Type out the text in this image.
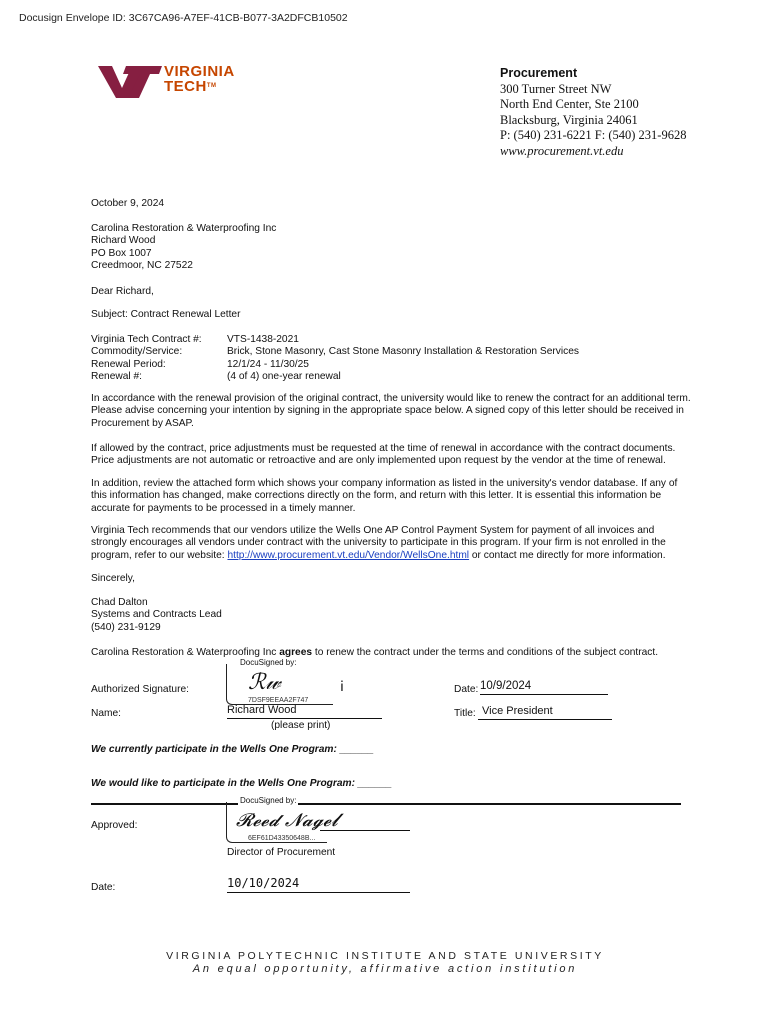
Docusign Envelope ID: 3C67CA96-A7EF-41CB-B077-3A2DFCB10502
VIRGINIA
TECH™
Procurement
300 Turner Street NW
North End Center, Ste 2100
Blacksburg, Virginia 24061
P: (540) 231-6221 F: (540) 231-9628
www.procurement.vt.edu
October 9, 2024
Carolina Restoration & Waterproofing Inc
Richard Wood
PO Box 1007
Creedmoor, NC 27522
Dear Richard,
Subject: Contract Renewal Letter
Virginia Tech Contract #: VTS-1438-2021
Commodity/Service:	Brick, Stone Masonry, Cast Stone Masonry Installation & Restoration Services
Renewal Period:	12/1/24 - 11/30/25
Renewal #:	(4 of 4) one-year renewal
In accordance with the renewal provision of the original contract, the university would like to renew the contract for an additional term. Please advise concerning your intention by signing in the appropriate space below. A signed copy of this letter should be received in Procurement by ASAP.
If allowed by the contract, price adjustments must be requested at the time of renewal in accordance with the contract documents. Price adjustments are not automatic or retroactive and are only implemented upon request by the vendor at the time of renewal.
In addition, review the attached form which shows your company information as listed in the university's vendor database. If any of this information has changed, make corrections directly on the form, and return with this letter. It is essential this information be accurate for payments to be processed in a timely manner.
Virginia Tech recommends that our vendors utilize the Wells One AP Control Payment System for payment of all invoices and strongly encourages all vendors under contract with the university to participate in this program. If your firm is not enrolled in the program, refer to our website: http://www.procurement.vt.edu/Vendor/WellsOne.html or contact me directly for more information.
Sincerely,
Chad Dalton
Systems and Contracts Lead
(540) 231-9129
Carolina Restoration & Waterproofing Inc agrees to renew the contract under the terms and conditions of the subject contract.
DocuSigned by:
ℛ𝓌	ⅰ
7DSF9EEAA2F747
Authorized Signature:	Date: 10/9/2024
Name:	Richard Wood
(please print)
Title: Vice President
We currently participate in the Wells One Program: ______
We would like to participate in the Wells One Program: ______
DocuSigned by:
𝓡𝓮𝓮𝓭 𝓝𝓪𝓰𝓮𝓵
6EF61D43350648B...
Approved:
Director of Procurement
Date:	10/10/2024
VIRGINIA POLYTECHNIC INSTITUTE AND STATE UNIVERSITY
An equal opportunity, affirmative action institution
